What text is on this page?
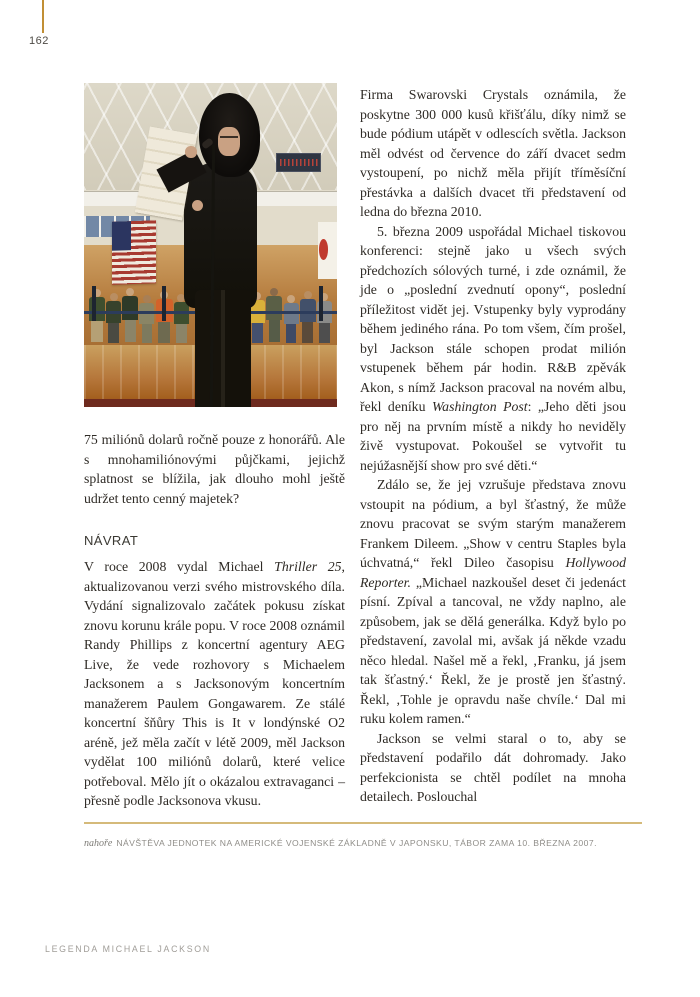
162

75 miliónů dolarů ročně pouze z honorářů. Ale s mnohamiliónovými půjčkami, jejichž splatnost se blížila, jak dlouho mohl ještě udržet tento cenný majetek?

NÁVRAT

V roce 2008 vydal Michael Thriller 25, aktualizovanou verzi svého mistrovského díla. Vydání signalizovalo začátek pokusu získat znovu korunu krále popu. V roce 2008 oznámil Randy Phillips z koncertní agentury AEG Live, že vede rozhovory s Michaelem Jacksonem a s Jacksonovým koncertním manažerem Paulem Gongawarem. Ze stálé koncertní šňůry This is It v londýnské O2 aréně, jež měla začít v létě 2009, měl Jackson vydělat 100 miliónů dolarů, které velice potřeboval. Mělo jít o okázalou extravaganci – přesně podle Jacksonova vkusu.

Firma Swarovski Crystals oznámila, že poskytne 300 000 kusů křišťálu, díky nimž se bude pódium utápět v odlescích světla. Jackson měl odvést od července do září dvacet sedm vystoupení, po nichž měla přijít tříměsíční přestávka a dalších dvacet tři představení od ledna do března 2010.

5. března 2009 uspořádal Michael tiskovou konferenci: stejně jako u všech svých předchozích sólových turné, i zde oznámil, že jde o „poslední zvednutí opony“, poslední příležitost vidět jej. Vstupenky byly vyprodány během jediného rána. Po tom všem, čím prošel, byl Jackson stále schopen prodat milión vstupenek během pár hodin. R&B zpěvák Akon, s nímž Jackson pracoval na novém albu, řekl deníku Washington Post: „Jeho děti jsou pro něj na prvním místě a nikdy ho neviděly živě vystupovat. Pokoušel se vytvořit tu nejúžasnější show pro své děti.“

Zdálo se, že jej vzrušuje představa znovu vstoupit na pódium, a byl šťastný, že může znovu pracovat se svým starým manažerem Frankem Dileem. „Show v centru Staples byla úchvatná,“ řekl Dileo časopisu Hollywood Reporter. „Michael nazkoušel deset či jedenáct písní. Zpíval a tancoval, ne vždy naplno, ale způsobem, jak se dělá generálka. Když bylo po představení, zavolal mi, avšak já někde vzadu něco hledal. Našel mě a řekl, ‚Franku, já jsem tak šťastný.‘ Řekl, že je prostě jen šťastný. Řekl, ‚Tohle je opravdu naše chvíle.‘ Dal mi ruku kolem ramen.“

Jackson se velmi staral o to, aby se představení podařilo dát dohromady. Jako perfekcionista se chtěl podílet na mnoha detailech. Poslouchal

nahoře NÁVŠTĚVA JEDNOTEK NA AMERICKÉ VOJENSKÉ ZÁKLADNĚ V JAPONSKU, TÁBOR ZAMA 10. BŘEZNA 2007.
LEGENDA MICHAEL JACKSON
